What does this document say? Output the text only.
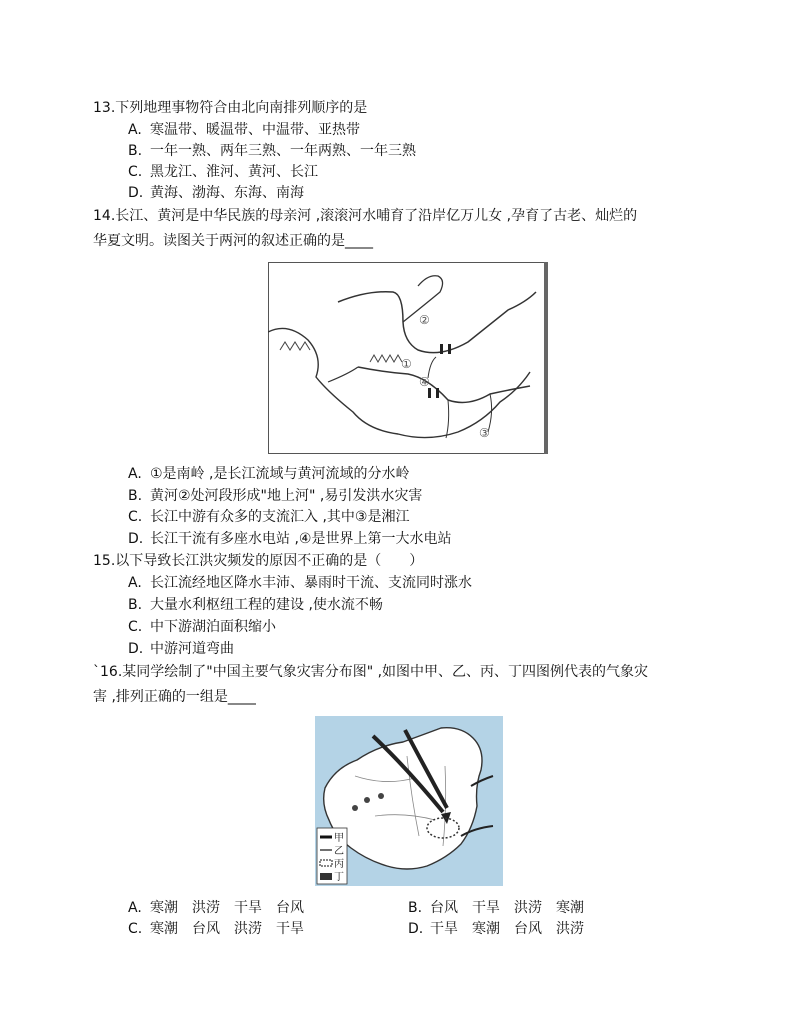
13.下列地理事物符合由北向南排列顺序的是
A. 寒温带、暖温带、中温带、亚热带
B. 一年一熟、两年三熟、一年两熟、一年三熟
C. 黑龙江、淮河、黄河、长江
D. 黄海、渤海、东海、南海
14.长江、黄河是中华民族的母亲河 ,滚滚河水哺育了沿岸亿万儿女 ,孕育了古老、灿烂的
华夏文明。读图关于两河的叙述正确的是____
①
②
③
④
A. ①是南岭 ,是长江流域与黄河流域的分水岭
B. 黄河②处河段形成"地上河" ,易引发洪水灾害
C. 长江中游有众多的支流汇入 ,其中③是湘江
D. 长江干流有多座水电站 ,④是世界上第一大水电站
15.以下导致长江洪灾频发的原因不正确的是（　　）
A. 长江流经地区降水丰沛、暴雨时干流、支流同时涨水
B. 大量水利枢纽工程的建设 ,使水流不畅
C. 中下游湖泊面积缩小
D. 中游河道弯曲
`16.某同学绘制了"中国主要气象灾害分布图" ,如图中甲、乙、丙、丁四图例代表的气象灾
害 ,排列正确的一组是____
甲
乙
丙
丁
A. 寒潮　洪涝　干旱　台风	B. 台风　干旱　洪涝　寒潮
C. 寒潮　台风　洪涝　干旱	D. 干旱　寒潮　台风　洪涝
